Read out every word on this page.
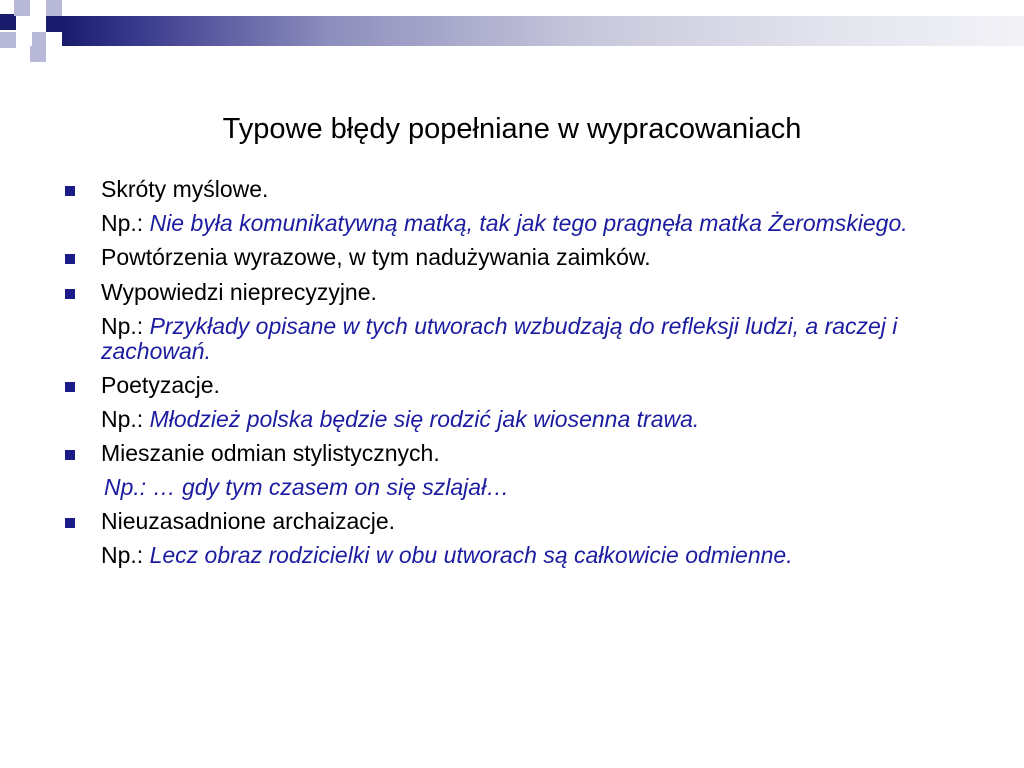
Typowe błędy popełniane w wypracowaniach
Skróty myślowe.
Np.: Nie była komunikatywną matką, tak jak tego pragnęła matka Żeromskiego.
Powtórzenia wyrazowe, w tym nadużywania zaimków.
Wypowiedzi nieprecyzyjne.
Np.: Przykłady opisane w tych utworach wzbudzają do refleksji ludzi, a raczej i zachowań.
Poetyzacje.
Np.: Młodzież polska będzie się rodzić jak wiosenna trawa.
Mieszanie odmian stylistycznych.
Np.: … gdy tym czasem on się szlajał…
Nieuzasadnione archaizacje.
Np.: Lecz obraz rodzicielki w obu utworach są całkowicie odmienne.
